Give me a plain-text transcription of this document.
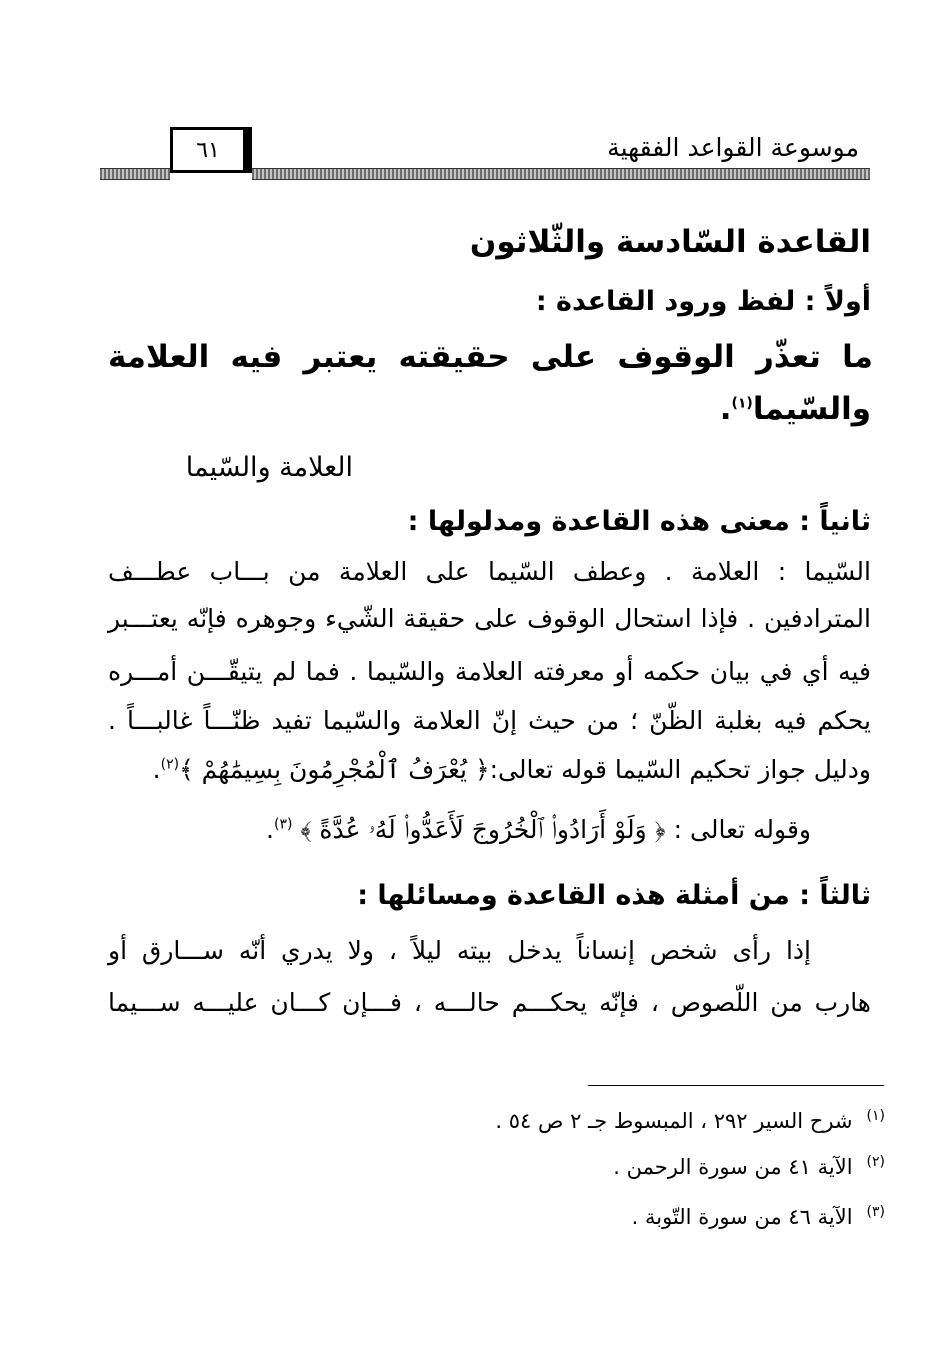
موسوعة القواعد الفقهية
٦١
القاعدة السّادسة والثّلاثون
أولاً : لفظ ورود القاعدة :
ما تعذّر الوقوف على حقيقته يعتبر فيه العلامة
والسّيما$^{(١)}$.
العلامة والسّيما
ثانياً : معنى هذه القاعدة ومدلولها :
السّيما : العلامة . وعطف السّيما على العلامة من بـــاب عطـــف
المترادفين . فإذا استحال الوقوف على حقيقة الشّيء وجوهره فإنّه يعتـــبر
فيه أي في بيان حكمه أو معرفته العلامة والسّيما . فما لم يتيقّـــن أمـــره
يحكم فيه بغلبة الظّنّ ؛ من حيث إنّ العلامة والسّيما تفيد ظنّـــاً غالبـــاً .
ودليل جواز تحكيم السّيما قوله تعالى:﴿ يُعْرَفُ ٱلْمُجْرِمُونَ بِسِيمَٰهُمْ ﴾$^{(٢)}$.
وقوله تعالى : ﴿ وَلَوْ أَرَادُوا۟ ٱلْخُرُوجَ لَأَعَدُّوا۟ لَهُۥ عُدَّةً ﴾ $^{(٣)}$.
ثالثاً : من أمثلة هذه القاعدة ومسائلها :
إذا رأى شخص إنساناً يدخل بيته ليلاً ، ولا يدري أنّه ســـارق أو
هارب من اللّصوص ، فإنّه يحكـــم حالـــه ، فـــإن كـــان عليـــه ســـيما
$^{(١)}$شرح السير ٢٩٢ ، المبسوط جـ ٢ ص ٥٤ .
$^{(٢)}$الآية ٤١ من سورة الرحمن .
$^{(٣)}$الآية ٤٦ من سورة التّوبة .
